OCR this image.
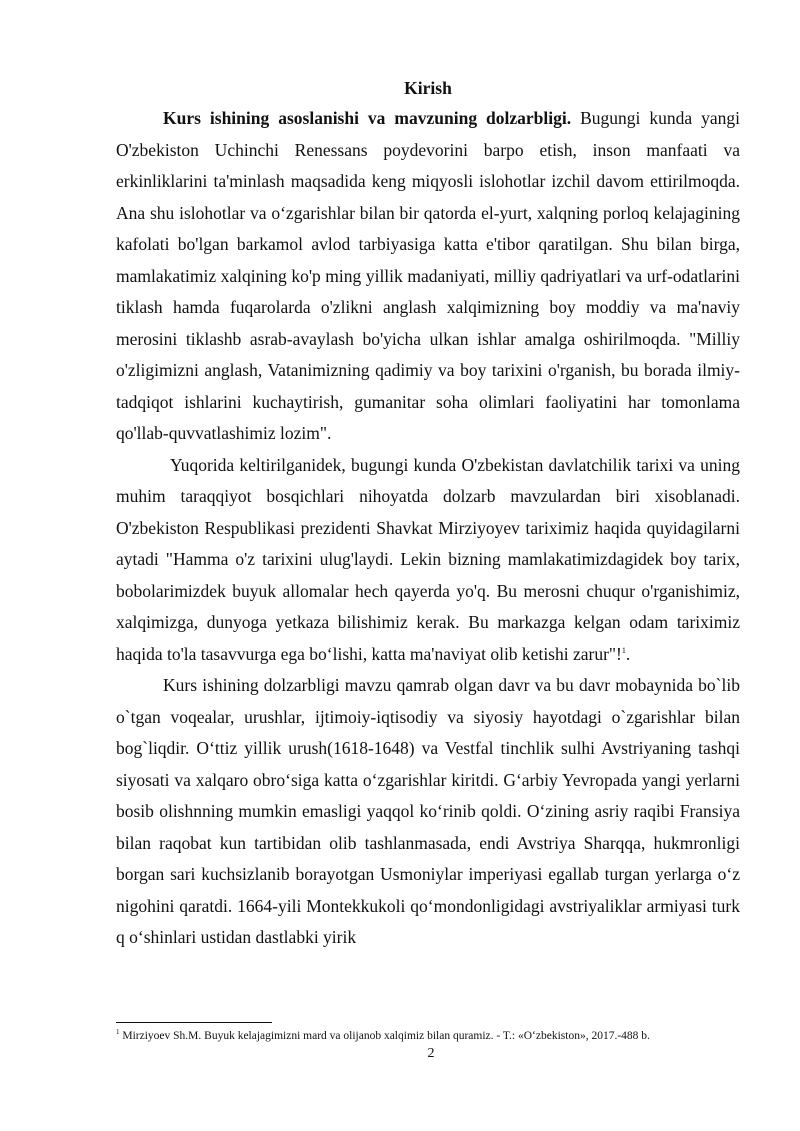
Kirish

Kurs ishining asoslanishi va mavzuning dolzarbligi. Bugungi kunda yangi O'zbekiston Uchinchi Renessans poydevorini barpo etish, inson manfaati va erkinliklarini ta'minlash maqsadida keng miqyosli islohotlar izchil davom ettirilmoqda. Ana shu islohotlar va o‘zgarishlar bilan bir qatorda el-yurt, xalqning porloq kelajagining kafolati bo'lgan barkamol avlod tarbiyasiga katta e'tibor qaratilgan. Shu bilan birga, mamlakatimiz xalqining ko'p ming yillik madaniyati, milliy qadriyatlari va urf-odatlarini tiklash hamda fuqarolarda o'zlikni anglash xalqimizning boy moddiy va ma'naviy merosini tiklashb asrab-avaylash bo'yicha ulkan ishlar amalga oshirilmoqda. "Milliy o'zligimizni anglash, Vatanimizning qadimiy va boy tarixini o'rganish, bu borada ilmiy-tadqiqot ishlarini kuchaytirish, gumanitar soha olimlari faoliyatini har tomonlama qo'llab-quvvatlashimiz lozim".

Yuqorida keltirilganidek, bugungi kunda O'zbekistan davlatchilik tarixi va uning muhim taraqqiyot bosqichlari nihoyatda dolzarb mavzulardan biri xisoblanadi. O'zbekiston Respublikasi prezidenti Shavkat Mirziyoyev tariximiz haqida quyidagilarni aytadi "Hamma o'z tarixini ulug'laydi. Lekin bizning mamlakatimizdagidek boy tarix, bobolarimizdek buyuk allomalar hech qayerda yo'q. Bu merosni chuqur o'rganishimiz, xalqimizga, dunyoga yetkaza bilishimiz kerak. Bu markazga kelgan odam tariximiz haqida to'la tasavvurga ega bo‘lishi, katta ma'naviyat olib ketishi zarur"!$^1$.

Kurs ishining dolzarbligi mavzu qamrab olgan davr va bu davr mobaynida bo`lib o`tgan voqealar, urushlar, ijtimoiy-iqtisodiy va siyosiy hayotdagi o`zgarishlar bilan bog`liqdir. O‘ttiz yillik urush(1618-1648) va Vestfal tinchlik sulhi Avstriyaning tashqi siyosati va xalqaro obro‘siga katta o‘zgarishlar kiritdi. G‘arbiy Yevropada yangi yerlarni bosib olishnning mumkin emasligi yaqqol ko‘rinib qoldi. O‘zining asriy raqibi Fransiya bilan raqobat kun tartibidan olib tashlanmasada, endi Avstriya Sharqqa, hukmronligi borgan sari kuchsizlanib borayotgan Usmoniylar imperiyasi egallab turgan yerlarga o‘z nigohini qaratdi. 1664-yili Montekkukoli qo‘mondonligidagi avstriyaliklar armiyasi turk q o‘shinlari ustidan dastlabki yirik

$^1$ Mirziyoev Sh.M. Buyuk kelajagimizni mard va olijanob xalqimiz bilan quramiz. - T.: «O‘zbekiston», 2017.-488 b.
2
